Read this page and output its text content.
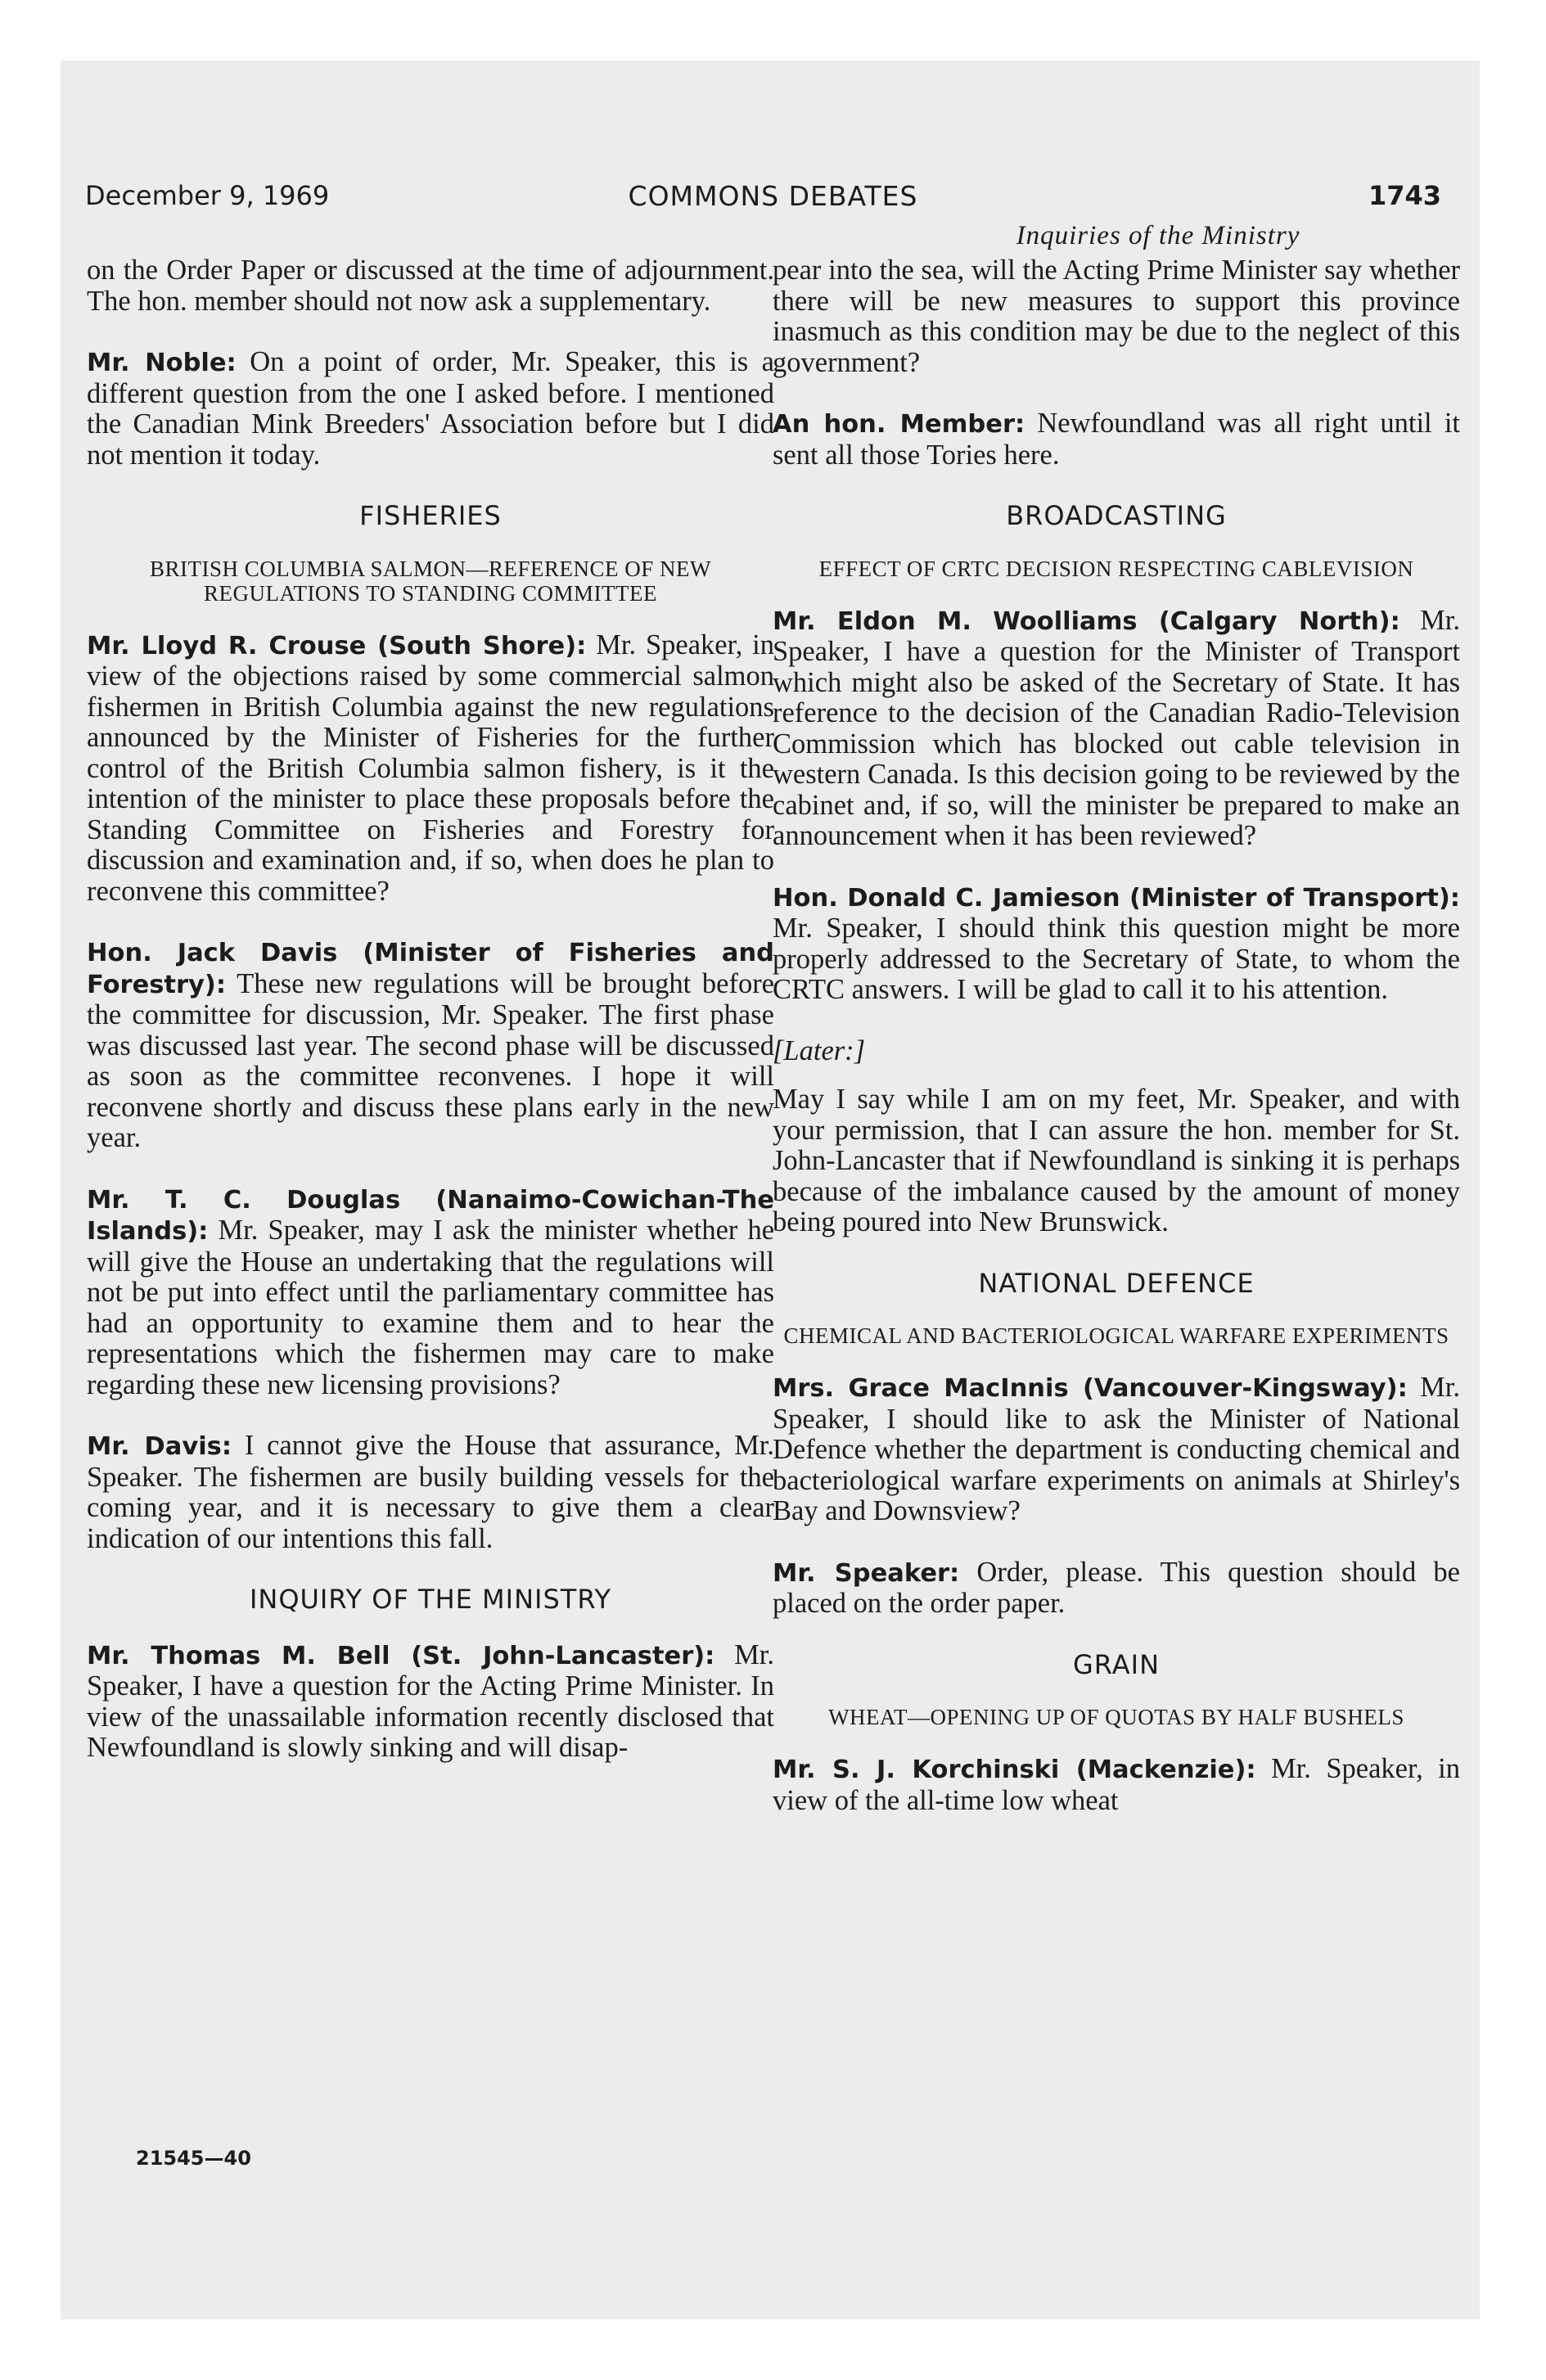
December 9, 1969	COMMONS DEBATES	1743
Inquiries of the Ministry

on the Order Paper or discussed at the time of adjournment. The hon. member should not now ask a supplementary.

Mr. Noble: On a point of order, Mr. Speaker, this is a different question from the one I asked before. I mentioned the Canadian Mink Breeders' Association before but I did not mention it today.

FISHERIES
BRITISH COLUMBIA SALMON—REFERENCE OF NEW REGULATIONS TO STANDING COMMITTEE

Mr. Lloyd R. Crouse (South Shore): Mr. Speaker, in view of the objections raised by some commercial salmon fishermen in British Columbia against the new regulations announced by the Minister of Fisheries for the further control of the British Columbia salmon fishery, is it the intention of the minister to place these proposals before the Standing Committee on Fisheries and Forestry for discussion and examination and, if so, when does he plan to reconvene this committee?

Hon. Jack Davis (Minister of Fisheries and Forestry): These new regulations will be brought before the committee for discussion, Mr. Speaker. The first phase was discussed last year. The second phase will be discussed as soon as the committee reconvenes. I hope it will reconvene shortly and discuss these plans early in the new year.

Mr. T. C. Douglas (Nanaimo-Cowichan-The Islands): Mr. Speaker, may I ask the minister whether he will give the House an undertaking that the regulations will not be put into effect until the parliamentary committee has had an opportunity to examine them and to hear the representations which the fishermen may care to make regarding these new licensing provisions?

Mr. Davis: I cannot give the House that assurance, Mr. Speaker. The fishermen are busily building vessels for the coming year, and it is necessary to give them a clear indication of our intentions this fall.

INQUIRY OF THE MINISTRY

Mr. Thomas M. Bell (St. John-Lancaster): Mr. Speaker, I have a question for the Acting Prime Minister. In view of the unassailable information recently disclosed that Newfoundland is slowly sinking and will disap-

21545—40

pear into the sea, will the Acting Prime Minister say whether there will be new measures to support this province inasmuch as this condition may be due to the neglect of this government?

An hon. Member: Newfoundland was all right until it sent all those Tories here.

BROADCASTING
EFFECT OF CRTC DECISION RESPECTING CABLEVISION

Mr. Eldon M. Woolliams (Calgary North): Mr. Speaker, I have a question for the Minister of Transport which might also be asked of the Secretary of State. It has reference to the decision of the Canadian Radio-Television Commission which has blocked out cable television in western Canada. Is this decision going to be reviewed by the cabinet and, if so, will the minister be prepared to make an announcement when it has been reviewed?

Hon. Donald C. Jamieson (Minister of Transport): Mr. Speaker, I should think this question might be more properly addressed to the Secretary of State, to whom the CRTC answers. I will be glad to call it to his attention.

[Later:]

May I say while I am on my feet, Mr. Speaker, and with your permission, that I can assure the hon. member for St. John-Lancaster that if Newfoundland is sinking it is perhaps because of the imbalance caused by the amount of money being poured into New Brunswick.

NATIONAL DEFENCE
CHEMICAL AND BACTERIOLOGICAL WARFARE EXPERIMENTS

Mrs. Grace MacInnis (Vancouver-Kingsway): Mr. Speaker, I should like to ask the Minister of National Defence whether the department is conducting chemical and bacteriological warfare experiments on animals at Shirley's Bay and Downsview?

Mr. Speaker: Order, please. This question should be placed on the order paper.

GRAIN
WHEAT—OPENING UP OF QUOTAS BY HALF BUSHELS

Mr. S. J. Korchinski (Mackenzie): Mr. Speaker, in view of the all-time low wheat
